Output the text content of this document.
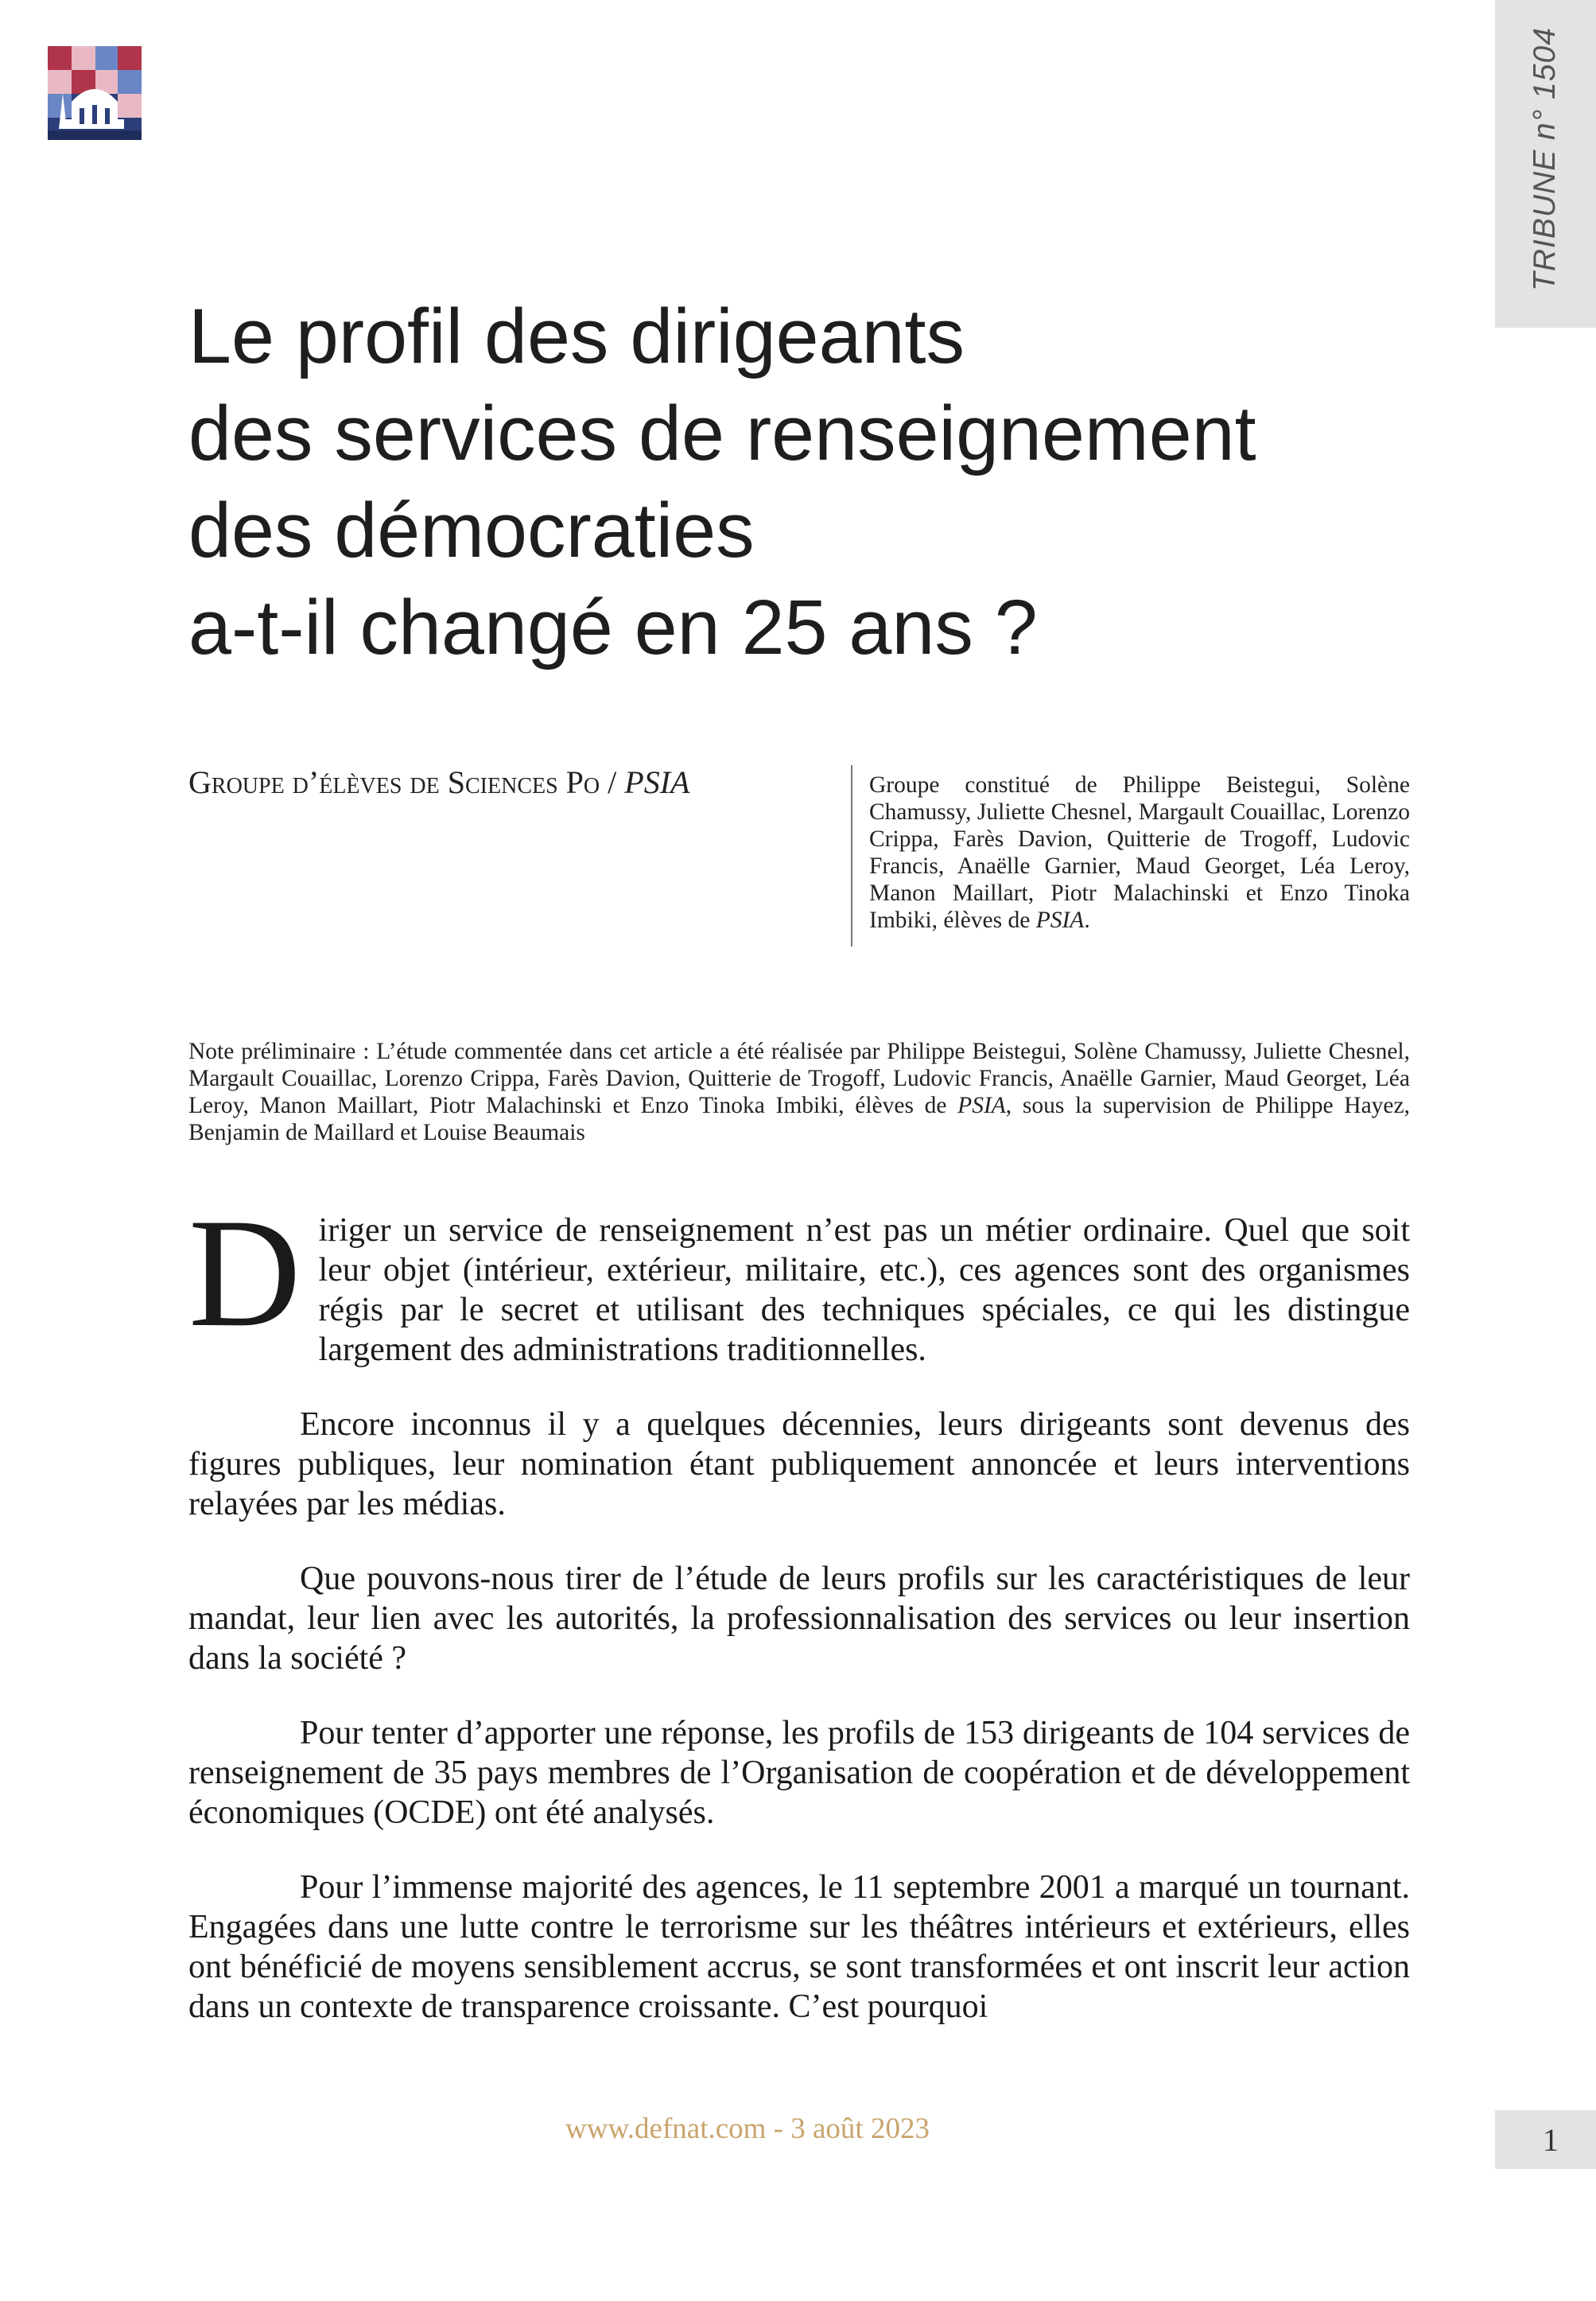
TRIBUNE n° 1504
Le profil des dirigeants
des services de renseignement
des démocraties
a-t-il changé en 25 ans ?
Groupe d’élèves de Sciences Po / PSIA	Groupe constitué de Philippe Beistegui, Solène Chamussy, Juliette Chesnel, Margault Couaillac, Lorenzo Crippa, Farès Davion, Quitterie de Trogoff, Ludovic Francis, Anaëlle Garnier, Maud Georget, Léa Leroy, Manon Maillart, Piotr Malachinski et Enzo Tinoka Imbiki, élèves de PSIA.
Note préliminaire : L’étude commentée dans cet article a été réalisée par Philippe Beistegui, Solène Chamussy, Juliette Chesnel, Margault Couaillac, Lorenzo Crippa, Farès Davion, Quitterie de Trogoff, Ludovic Francis, Anaëlle Garnier, Maud Georget, Léa Leroy, Manon Maillart, Piotr Malachinski et Enzo Tinoka Imbiki, élèves de PSIA, sous la supervision de Philippe Hayez, Benjamin de Maillard et Louise Beaumais

Diriger un service de renseignement n’est pas un métier ordinaire. Quel que soit leur objet (intérieur, extérieur, militaire, etc.), ces agences sont des organismes régis par le secret et utilisant des techniques spéciales, ce qui les distingue largement des administrations traditionnelles.

Encore inconnus il y a quelques décennies, leurs dirigeants sont devenus des figures publiques, leur nomination étant publiquement annoncée et leurs interventions relayées par les médias.

Que pouvons-nous tirer de l’étude de leurs profils sur les caractéristiques de leur mandat, leur lien avec les autorités, la professionnalisation des services ou leur insertion dans la société ?

Pour tenter d’apporter une réponse, les profils de 153 dirigeants de 104 services de renseignement de 35 pays membres de l’Organisation de coopération et de développement économiques (OCDE) ont été analysés.

Pour l’immense majorité des agences, le 11 septembre 2001 a marqué un tournant. Engagées dans une lutte contre le terrorisme sur les théâtres intérieurs et extérieurs, elles ont bénéficié de moyens sensiblement accrus, se sont transformées et ont inscrit leur action dans un contexte de transparence croissante. C’est pourquoi

www.defnat.com - 3 août 2023	1
